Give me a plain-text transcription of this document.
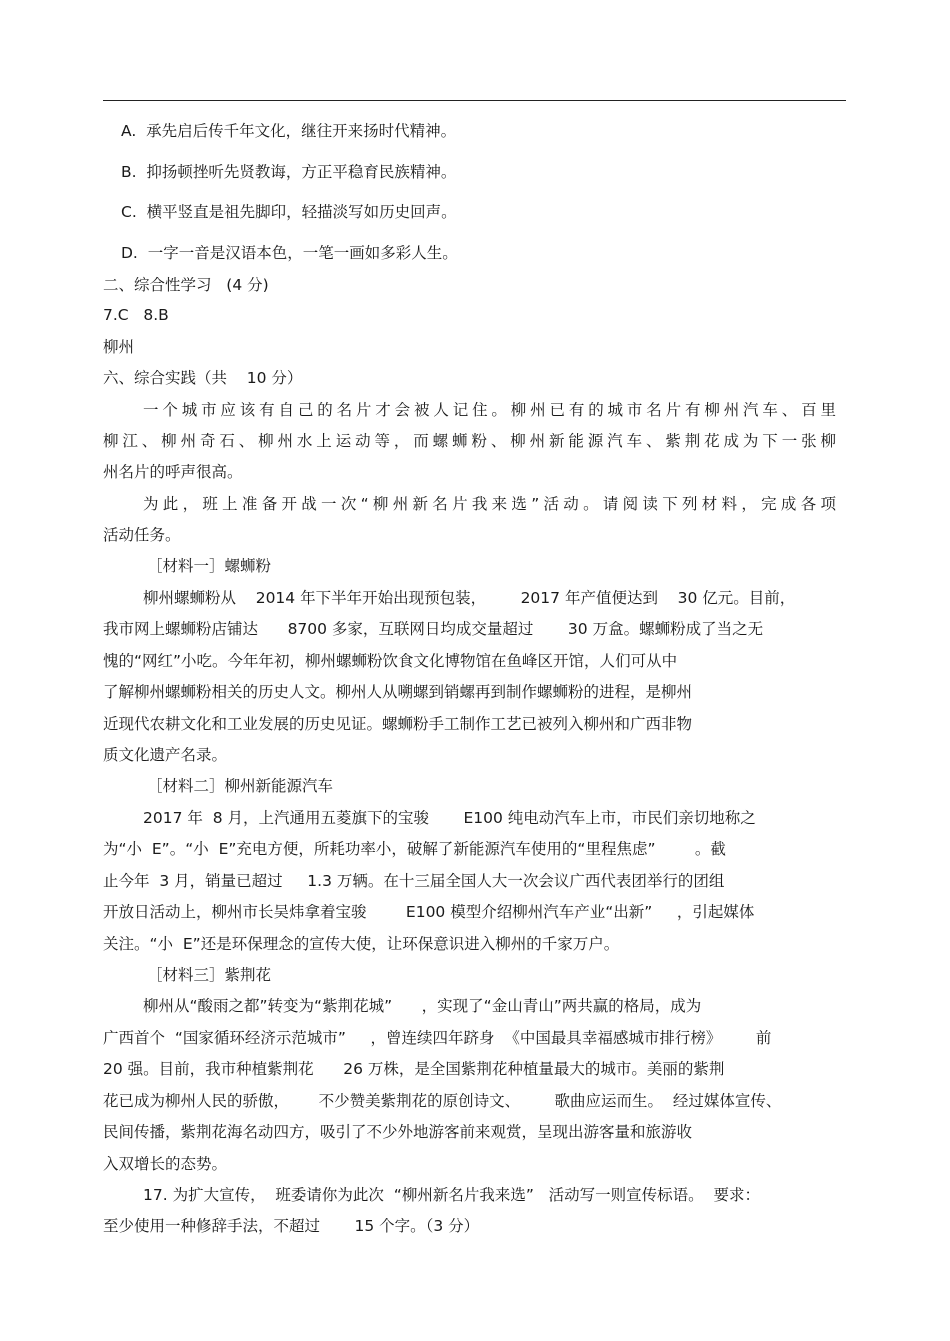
A.  承先启后传千年文化，继往开来扬时代精神。
B.  抑扬顿挫听先贤教诲，方正平稳育民族精神。
C.  横平竖直是祖先脚印，轻描淡写如历史回声。
D.  一字一音是汉语本色，一笔一画如多彩人生。
二、综合性学习   (4 分)
7.C   8.B
柳州
六、综合实践（共    10 分）
一个城市应该有自己的名片才会被人记住。柳州已有的城市名片有柳州汽车、百里
柳江、柳州奇石、柳州水上运动等，而螺蛳粉、柳州新能源汽车、紫荆花成为下一张柳
州名片的呼声很高。
为此，班上准备开战一次“柳州新名片我来选”活动。请阅读下列材料，完成各项
活动任务。
［材料一］螺蛳粉
柳州螺蛳粉从    2014 年下半年开始出现预包装，       2017 年产值便达到    30 亿元。目前，
我市网上螺蛳粉店铺达      8700 多家，互联网日均成交量超过       30 万盒。螺蛳粉成了当之无
愧的“网红”小吃。今年年初，柳州螺蛳粉饮食文化博物馆在鱼峰区开馆，人们可从中
了解柳州螺蛳粉相关的历史人文。柳州人从嗍螺到销螺再到制作螺蛳粉的进程，是柳州
近现代农耕文化和工业发展的历史见证。螺蛳粉手工制作工艺已被列入柳州和广西非物
质文化遗产名录。
［材料二］柳州新能源汽车
2017 年  8 月，上汽通用五菱旗下的宝骏       E100 纯电动汽车上市，市民们亲切地称之
为“小  E”。“小  E”充电方便，所耗功率小，破解了新能源汽车使用的“里程焦虑”        。截
止今年  3 月，销量已超过     1.3 万辆。在十三届全国人大一次会议广西代表团举行的团组
开放日活动上，柳州市长吴炜拿着宝骏        E100 模型介绍柳州汽车产业“出新”     ，引起媒体
关注。“小  E”还是环保理念的宣传大使，让环保意识进入柳州的千家万户。
［材料三］紫荆花
柳州从“酸雨之都”转变为“紫荆花城”      ，实现了“金山青山”两共赢的格局，成为
广西首个  “国家循环经济示范城市”     ，曾连续四年跻身  《中国最具幸福感城市排行榜》       前
20 强。目前，我市种植紫荆花      26 万株，是全国紫荆花种植量最大的城市。美丽的紫荆
花已成为柳州人民的骄傲，      不少赞美紫荆花的原创诗文、       歌曲应运而生。  经过媒体宣传、
民间传播，紫荆花海名动四方，吸引了不少外地游客前来观赏，呈现出游客量和旅游收
入双增长的态势。
17. 为扩大宣传，  班委请你为此次  “柳州新名片我来选”   活动写一则宣传标语。  要求：
至少使用一种修辞手法，不超过       15 个字。（3 分）
